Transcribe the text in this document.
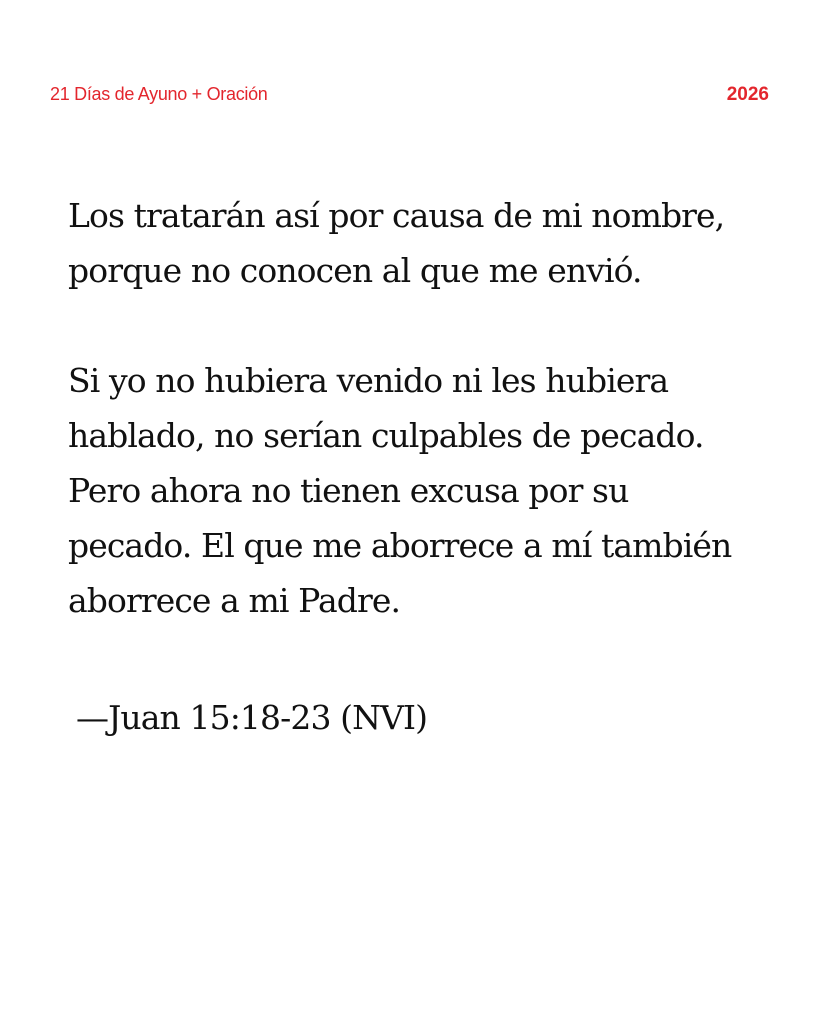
21 Días de Ayuno + Oración	2026

Los tratarán así por causa de mi nombre,
porque no conocen al que me envió.

Si yo no hubiera venido ni les hubiera
hablado, no serían culpables de pecado.
Pero ahora no tienen excusa por su
pecado. El que me aborrece a mí también
aborrece a mi Padre.

—Juan 15:18-23 (NVI)
